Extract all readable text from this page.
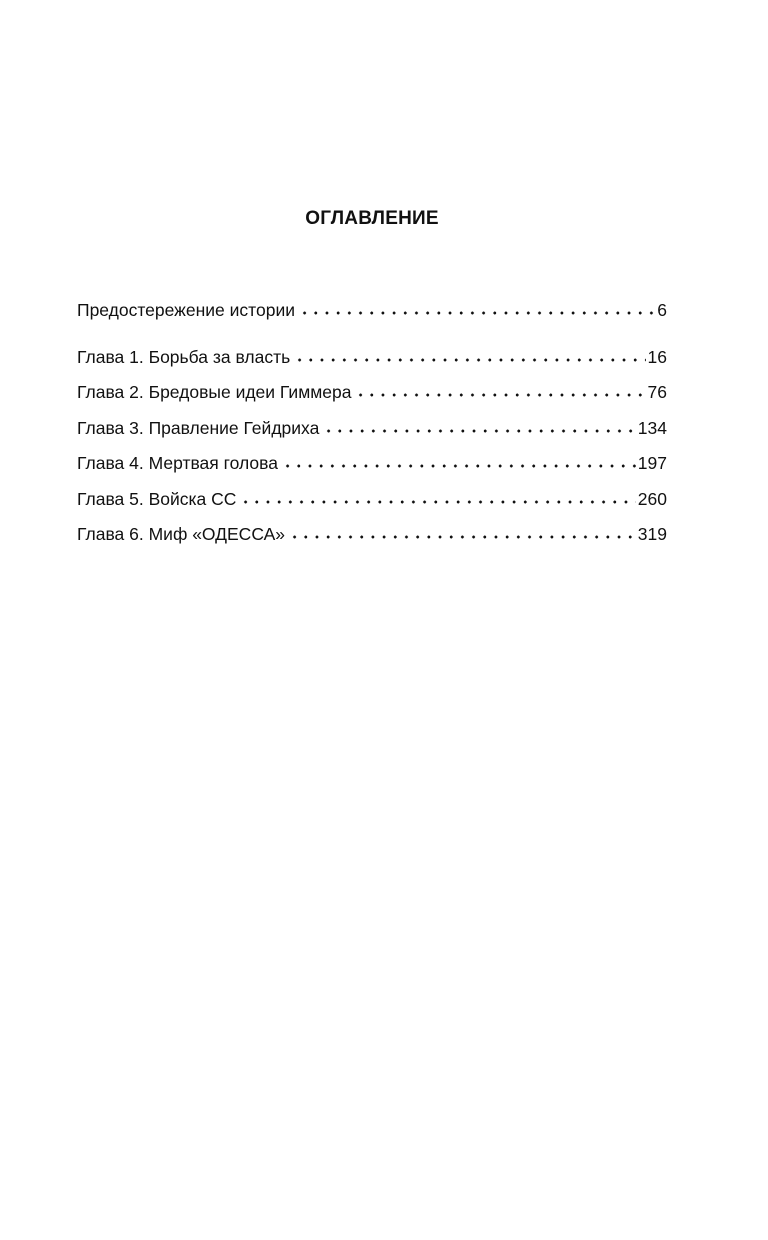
ОГЛАВЛЕНИЕ
Предостережение истории	6
Глава 1. Борьба за власть	16
Глава 2. Бредовые идеи Гиммера	76
Глава 3. Правление Гейдриха	134
Глава 4. Мертвая голова	197
Глава 5. Войска СС	260
Глава 6. Миф «ОДЕССА»	319
